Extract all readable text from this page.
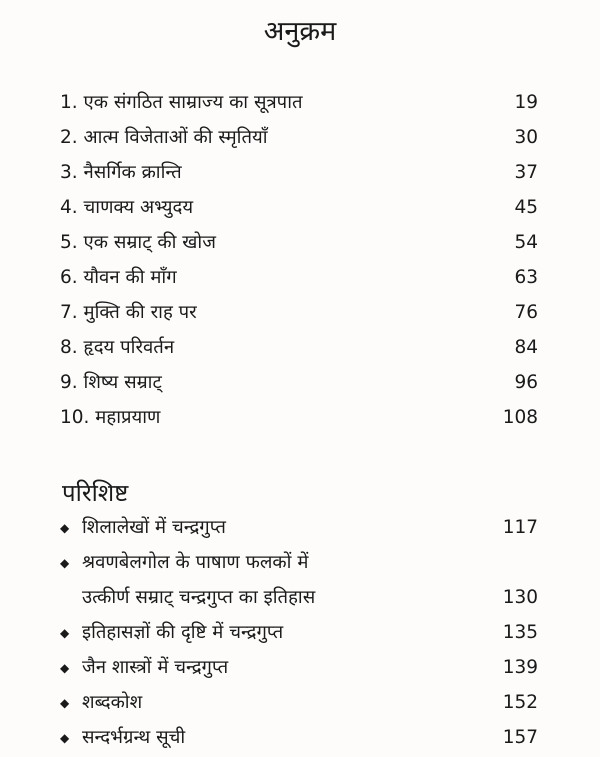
अनुक्रम
1. एक संगठित साम्राज्य का सूत्रपात	19
2. आत्म विजेताओं की स्मृतियाँ	30
3. नैसर्गिक क्रान्ति	37
4. चाणक्य अभ्युदय	45
5. एक सम्राट् की खोज	54
6. यौवन की माँग	63
7. मुक्ति की राह पर	76
8. हृदय परिवर्तन	84
9. शिष्य सम्राट्	96
10. महाप्रयाण	108
परिशिष्ट
◆ शिलालेखों में चन्द्रगुप्त	117
◆ श्रवणबेलगोल के पाषाण फलकों में
उत्कीर्ण सम्राट् चन्द्रगुप्त का इतिहास	130
◆ इतिहासज्ञों की दृष्टि में चन्द्रगुप्त	135
◆ जैन शास्त्रों में चन्द्रगुप्त	139
◆ शब्दकोश	152
◆ सन्दर्भग्रन्थ सूची	157
